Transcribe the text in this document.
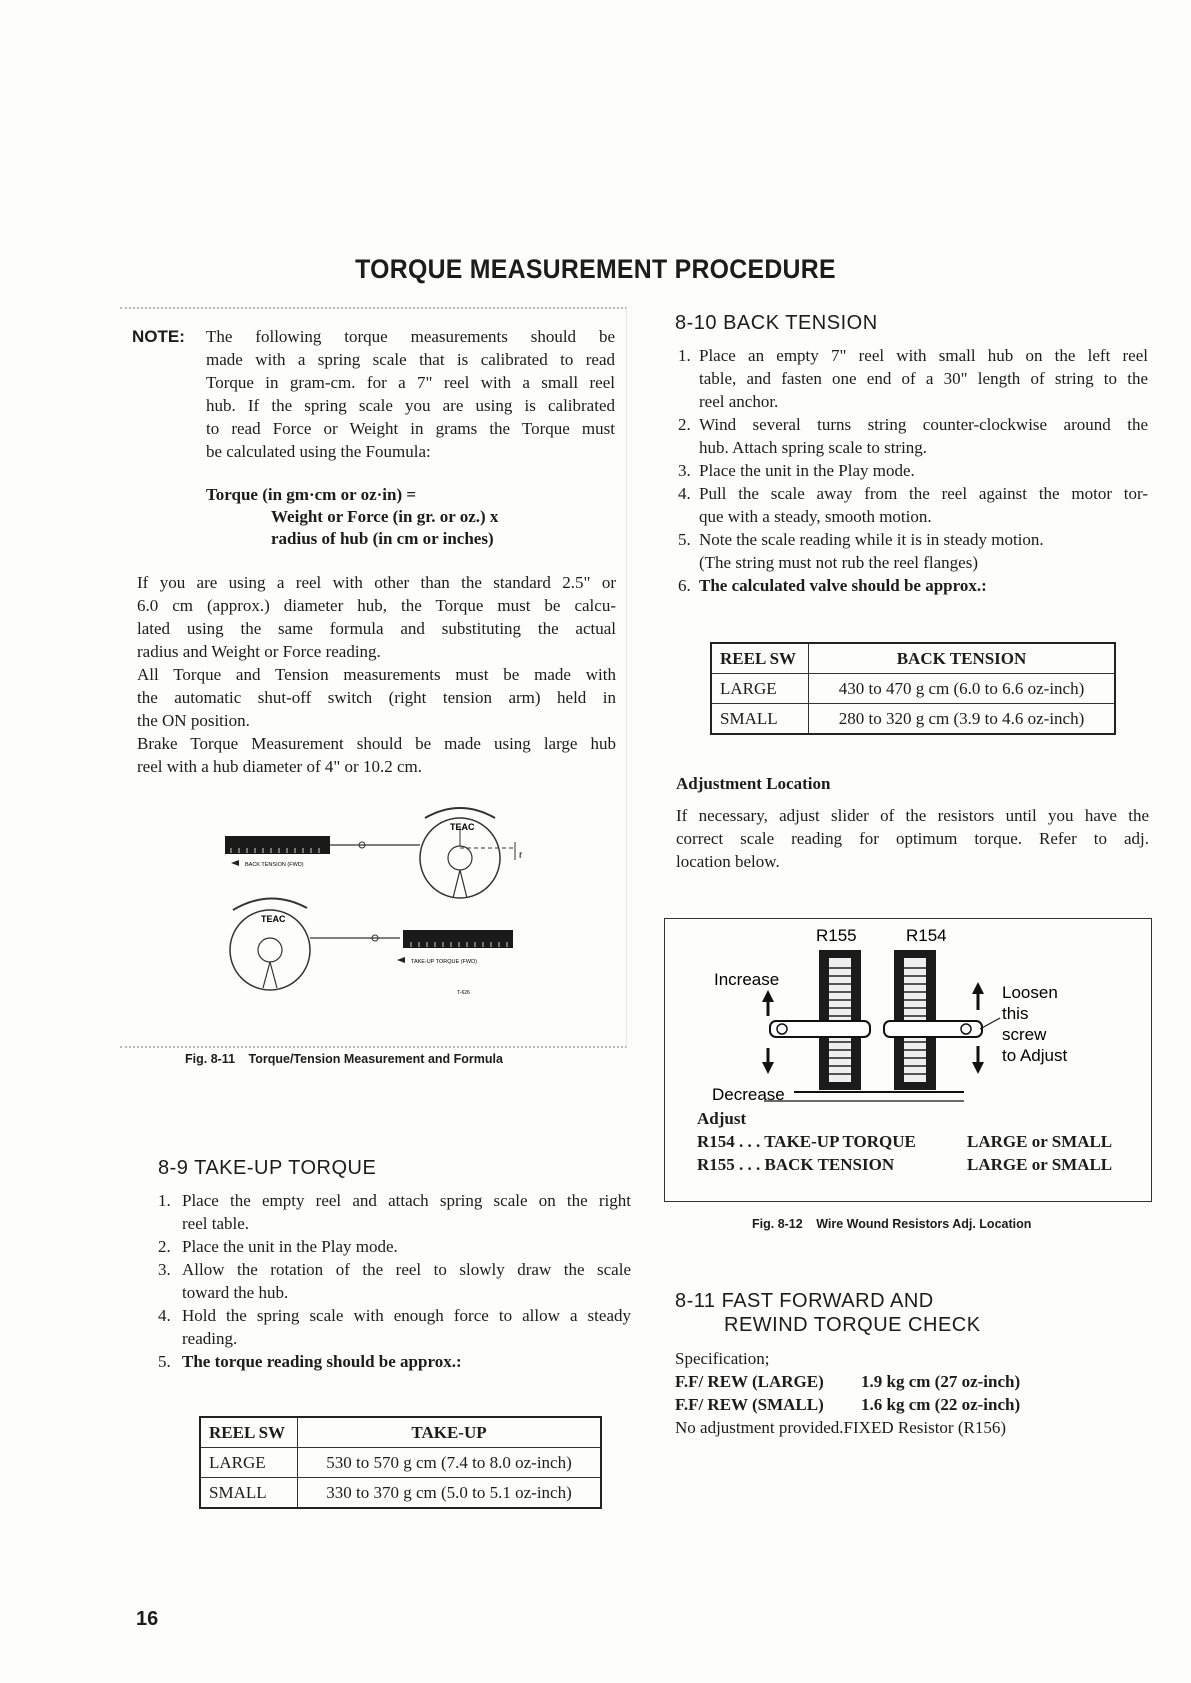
TORQUE MEASUREMENT PROCEDURE
NOTE: The following torque measurements should be
made with a spring scale that is calibrated to read
Torque in gram-cm. for a 7" reel with a small reel
hub. If the spring scale you are using is calibrated
to read Force or Weight in grams the Torque must
be calculated using the Foumula:
Torque (in gm·cm or oz·in) =
Weight or Force (in gr. or oz.) x
radius of hub (in cm or inches)
If you are using a reel with other than the standard 2.5" or
6.0 cm (approx.) diameter hub, the Torque must be calcu-
lated using the same formula and substituting the actual
radius and Weight or Force reading.
All Torque and Tension measurements must be made with
the automatic shut-off switch (right tension arm) held in
the ON position.
Brake Torque Measurement should be made using large hub
reel with a hub diameter of 4" or 10.2 cm.
TEAC
r
BACK TENSION (FWD)
TEAC
TAKE-UP TORQUE (FWD)
T-626
Fig. 8-11 Torque/Tension Measurement and Formula
8-9 TAKE-UP TORQUE
1. Place the empty reel and attach spring scale on the right
reel table.
2. Place the unit in the Play mode.
3. Allow the rotation of the reel to slowly draw the scale
toward the hub.
4. Hold the spring scale with enough force to allow a steady
reading.
5. The torque reading should be approx.:
REEL SW	TAKE-UP
LARGE	530 to 570 g cm (7.4 to 8.0 oz-inch)
SMALL	330 to 370 g cm (5.0 to 5.1 oz-inch)
8-10 BACK TENSION
1. Place an empty 7" reel with small hub on the left reel
table, and fasten one end of a 30" length of string to the
reel anchor.
2. Wind several turns string counter-clockwise around the
hub. Attach spring scale to string.
3. Place the unit in the Play mode.
4. Pull the scale away from the reel against the motor tor-
que with a steady, smooth motion.
5. Note the scale reading while it is in steady motion.
(The string must not rub the reel flanges)
6. The calculated valve should be approx.:
REEL SW	BACK TENSION
LARGE	430 to 470 g cm (6.0 to 6.6 oz-inch)
SMALL	280 to 320 g cm (3.9 to 4.6 oz-inch)
Adjustment Location
If necessary, adjust slider of the resistors until you have the
correct scale reading for optimum torque. Refer to adj.
location below.
R155	R154
Increase
Decrease
Loosen
this
screw
to Adjust
Adjust
R154 . . . TAKE-UP TORQUE	LARGE or SMALL
R155 . . . BACK TENSION	LARGE or SMALL
Fig. 8-12 Wire Wound Resistors Adj. Location
8-11 FAST FORWARD AND
REWIND TORQUE CHECK
Specification;
F.F/ REW (LARGE) 1.9 kg cm (27 oz-inch)
F.F/ REW (SMALL) 1.6 kg cm (22 oz-inch)
No adjustment provided.FIXED Resistor (R156)
16
